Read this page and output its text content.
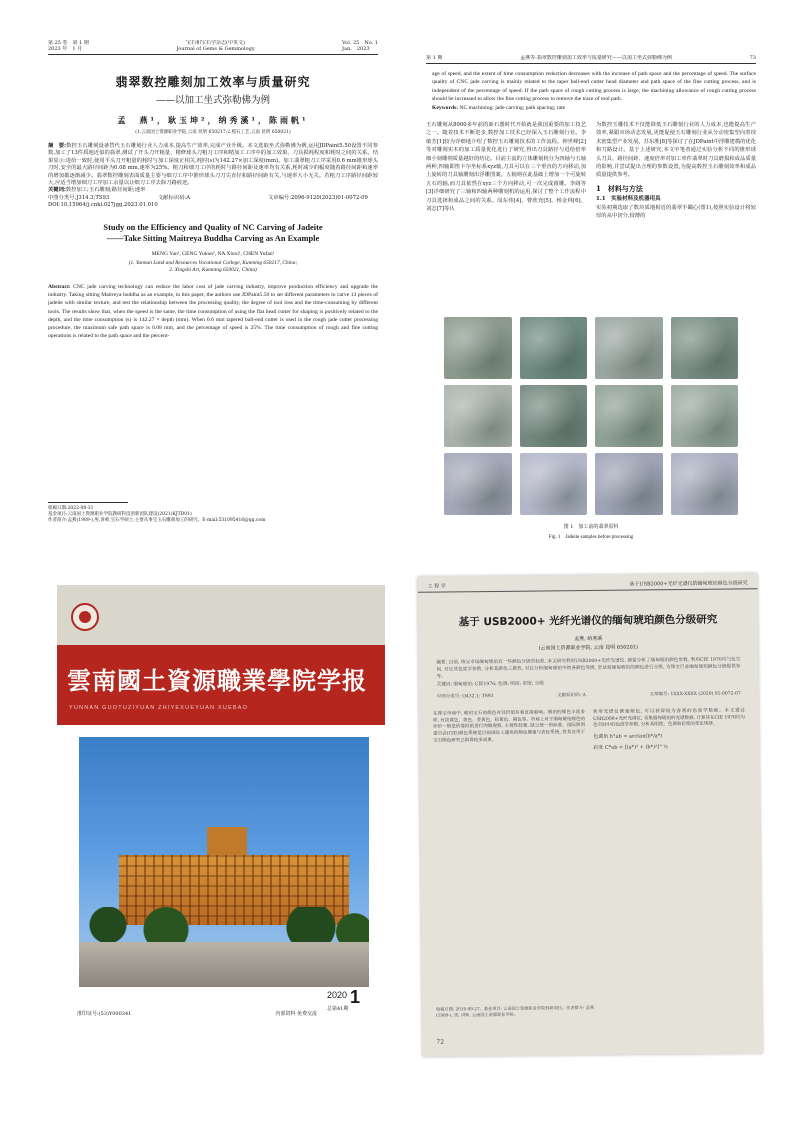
第 25 卷　第 1 期
2023 年　1 月
宝石和宝石学杂志(中英文)
Journal of Gems & Gemmology
Vol. 25　No. 1
Jan.　2023
翡翠数控雕刻加工效率与质量研究
——以加工坐式弥勒佛为例
孟　燕¹，耿玉坤²，纳秀溪¹，陈雨帆¹
(1.云南国土资源职业学院,云南 昆明 650217;2.熙石工艺,云南 昆明 650021)
摘　要:数控玉石雕刻设备替代玉石雕刻行业人力成本,提高生产效率,完成产业升级。本文选取坐式弥勒佛为例,运用JDPaint5.50设置不同参数,加工了13件质地近似的翡翠,测试了开头刀开粗量、精修球头刀粗刀工序和精加工工序中的加工效果、刀具损耗程度和耗时之间的关系。结果显示:进给一致时,使用平头刀开粗量的耗时与加工深度正相关,耗时(s)为142.27×加工深度(mm)。加工翡翠粗刀工序采用0.6 mm锥形球头刀时,安全的最大路径间距为0.08 mm,速率为25%。粗刀和细刀工序的耗时与路径间距及速率均有关系,耗时减少的幅度随着路径间距和速率的增加都逐渐减少。翡翠数控雕刻表面质量主要与细刀工序中锥形球头刀刀尖直径和路径间距有关,与速率大小无关。若粗刀工序路径间距较大,应适当增加细刀工序加工余量以让细刀工序去除刀路痕迹。
关键词:数控加工;玉石雕刻;路径间距;速率
中图分类号:J314.3;TS93	文献标识码:A	文章编号:2096-9120(2023)01-0072-09
DOI:10.15964/j.cnki.027jgg.2023.01.010
Study on the Efficiency and Quality of NC Carving of Jadeite
——Take Sitting Maitreya Buddha Carving as An Example
MENG Yan¹, GENG Yukun², NA Xiuxi¹, CHEN Yufan¹
(1. Yunnan Land and Resources Vocational College, Kunming 650217, China;
2. Xingshi Art, Kunming 650021, China)
Abstract: CNC jade carving technology can reduce the labor cost of jade carving industry, improve production efficiency and upgrade the industry. Taking sitting Maitreya buddha as an example, in this paper, the authors use JDPaint5.50 to set different parameters to carve 13 pieces of jadeite with similar texture, and test the relationship between the processing quality, the degree of tool loss and the time-consuming by different tools. The results show that, when the speed is the same, the time consumption of using the flat head cutter for shaping is positively related to the depth, and the time consumption (s) is 142.27 × depth (mm). When 0.6 mm tapered ball-end cutter is used in the rough jade cutter processing procedure, the maximum safe path space is 0.08 mm, and the percentage of speed is 25%. The time consumption of rough and fine cutting operations is related to the path space and the percent-
收稿日期:2022-08-31
基金项目:云南国土资源职业学院教研科技创新团队建设(2021)KJTD01)
作者简介:孟燕(1989-),男,讲师,宝石学硕士,主要从事宝玉石雕刻加工的研究。E-mail:531095416@qq.com
第 1 期	孟燕等:翡翠数控雕刻加工效率与质量研究——以加工坐式弥勒佛为例	73
age of speed, and the extent of time consumption reduction decreases with the increase of path space and the percentage of speed. The surface quality of CNC jade carving is mainly related to the taper ball-end cutter head diameter and path space of the fine cutting process, and is independent of the percentage of speed. If the path space of rough cutting process is large, the machining allowance of rough cutting process should be increased to allow the fine cutting process to remove the trace of tool path.
Keywords: NC machining; jade carving; path spacing; rate
玉石雕刻从8000多年前的新石器时代开始就是我国重要的加工技艺之一。随着技术不断进步,数控加工技术已经深入玉石雕刻行业。李敏芳[1]较为详细地介绍了数控玉石雕刻技术的工作流程。钟世峰[2]等对雕刻实木的加工质量优化进行了研究,得出刀具路径与进给倍率细小刻雕削质量越好的结论。目前主流的立体雕刻机分为四轴与五轴两种,四轴即笛卡尔坐标系xyz轴,刀具可以在三个垂直的方向移动,加上旋转的刀具轴雕刻出浮雕图案。五轴则在此基础上增加一个可旋转五石的轴,而刀具依然在xyz三个方向移动,可一次完成圆雕。李阔等[3]详细研究了三轴和四轴两种雕刻机的运用,探讨了整个工作流程中刀具选择和成品之间的关系。闵东伟[4]、曹欣充[5]、杨金林[6]、刘志[7]等认
为数控玉雕技术不仅能降低玉石雕刻行业的人力成本,也能提高生产效率,紧跟市场动态发展,更能促使玉石雕刻行业从分动密集型向着技术密集型产业发展。苏东胜[8]等探讨了在JDPaint中浮雕建模的优化和刀路设计。基于上述研究,本文中笔者通过实验分析不同的锥形球头刀具、路径间距、速度倍率对加工单件翡翠时刀具磨损和成品质量的影响,并尝试提出合理的参数设置,为提高数控玉石雕刻效率和成品质量提供参考。
1　材料与方法
1.1　实验材料及机器用具
实验初期选取了数块质地相近的翡翠手镯心(图1),按照实验设计将较厚的从中切分,较薄的
图 1　加工前的翡翠原料
Fig. 1　Jadeite samples before processing
雲南國土資源職業學院学报
YUNNAN GUOTUZIYUAN ZHIYEXUEYUAN XUEBAO
2020 1
总第41期
准印证号:(53)Y000341	内部资料 免费交流
工 程 学	基于USB2000+光纤光谱仪的缅甸琥珀颜色分级研究
基于 USB2000+ 光纤光谱仪的缅甸琥珀颜色分级研究
孟燕, 纳秀溪
(云南国土资源职业学院, 云南 昆明 650201)
摘要: 目前, 珠宝市场缅甸琥珀有一些颜色分级的标准, 本文研究利用USB2000+光纤光谱仪, 测量分析了缅甸琥珀颜色参数, 利用CIE 1976均匀色空间, 对比其色度学参数, 分析其颜色三属性, 对比分析缅甸琥珀中的各颜色等级, 尝试将缅甸琥珀的颜色进行分级, 为珠宝行业缅甸琥珀颜色分级提供参考。
关键词: 缅甸琥珀; CIE1976; 色调; 明度; 彩度; 分级
中图分类号: O432.1; TS93	文献标识码: A	文章编号: 1XXX-XXXX (2020) 01-0072-07
在珠宝市场中, 琥珀宝石的颜色对其价值有着直接影响。琥珀的颜色丰富多样, 有淡黄色、黄色、金黄色、棕黄色、褐色等。市场上对于缅甸琥珀颜色的评价一般是依靠经验进行肉眼观察, 主观性较强, 缺乏统一的标准。国际照明委员会(CIE)颜色系统是目前国际上通用的颜色测量与表征系统, 将其应用于宝石颜色研究已取得较多成果。
利用光谱仪测量颜色, 可以获得较为客观的色度学数据。本文通过USB2000+光纤光谱仪, 采集缅甸琥珀的光谱数据, 计算其在CIE 1976均匀色空间中的色度学参数, 分析其明度、色调和彩度的变化规律。
色调角 h°ab = arctan(b*/a*)
彩度 C*ab = [(a*)² + (b*)²]^½
收稿日期: 2019-09-27。基金项目: 云南国土资源职业学院科研项目。作者简介: 孟燕(1989-), 男, 讲师, 云南国土资源职业学院。
72
